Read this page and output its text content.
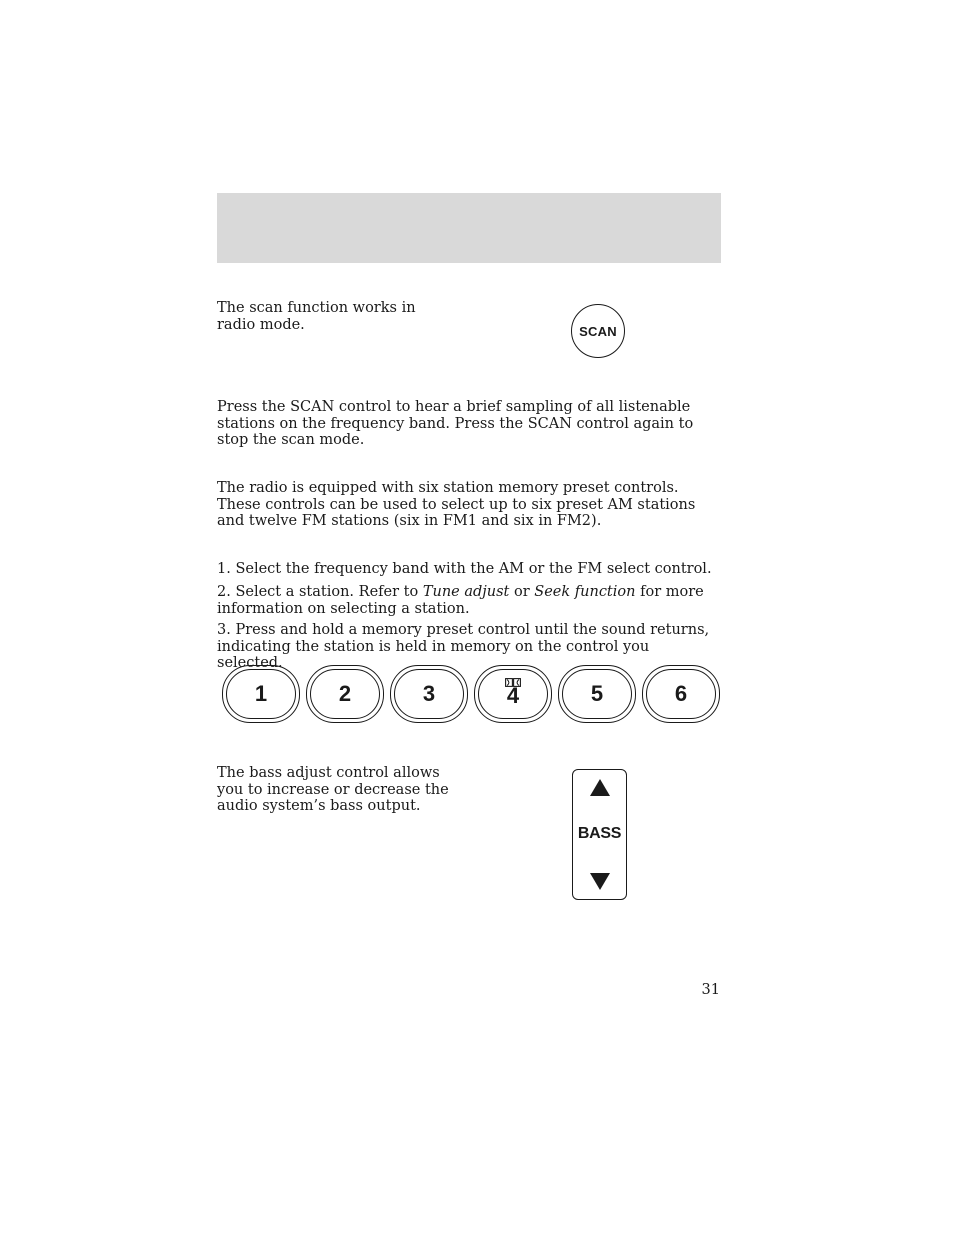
The scan function works in radio mode.	SCAN

Press the SCAN control to hear a brief sampling of all listenable stations on the frequency band. Press the SCAN control again to stop the scan mode.

The radio is equipped with six station memory preset controls. These controls can be used to select up to six preset AM stations and twelve FM stations (six in FM1 and six in FM2).

1. Select the frequency band with the AM or the FM select control.

2. Select a station. Refer to Tune adjust or Seek function for more information on selecting a station.

3. Press and hold a memory preset control until the sound returns, indicating the station is held in memory on the control you selected.

1	2	3	4	5	6

The bass adjust control allows you to increase or decrease the audio system’s bass output.

BASS
31
